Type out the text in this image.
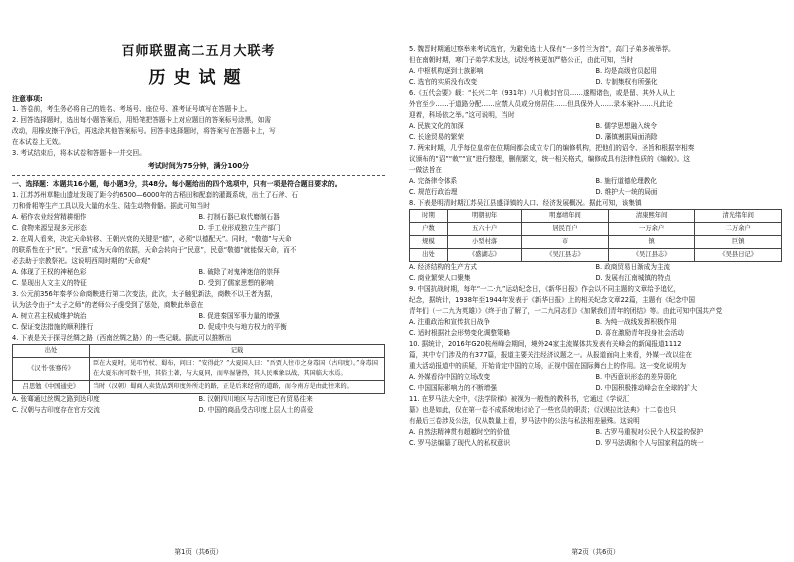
百师联盟高二五月大联考

历史试题

注意事项:

1. 答卷前，考生务必将自己的姓名、考场号、座位号、准考证号填写在答题卡上。

2. 回答选择题时，选出每小题答案后，用铅笔把答题卡上对应题目的答案标号涂黑，如需

改动，用橡皮擦干净后，再选涂其他答案标号。回答非选择题时，将答案写在答题卡上，写

在本试卷上无效。

3. 考试结束后，将本试卷和答题卡一并交回。

考试时间为75分钟，满分100分

一、选择题：本题共16小题，每小题3分，共48分。每小题给出的四个选项中，只有一项是符合题目要求的。

1. 江苏苏州草鞋山遗址发现了距今约6500—6000年的古稻田和配套的灌溉系统，出土了石斧、石

刀和骨耜等生产工具以及大量的水生、陆生动物骨骼。据此可知当时

A. 稻作农业经营精耕细作	B. 打制石器已取代磨制石器
C. 食物来源呈现多元形态	D. 手工业形成独立生产部门

2. 在周人看来，决定天命转移、王朝兴衰的关键是“德”，必须“以德配天”。同时，“敬德”与天命

的联系性在于“民”。“民意”成为天命的依据，天命会转向于“民意”，民意“敬德”就能保天命，而不

必去助于宗教祭祀。这说明西周时期的“天命观”

A. 体现了王权的神秘色彩	B. 破除了对鬼神迷信的崇拜
C. 显现出人文主义的特征	D. 受到了儒家思想的影响

3. 公元前356年秦孝公命商鞅进行第二次变法，此次，太子触犯新法，商鞅不以王者为据，

认为法令由于“太子之师”的老师公子虔受到了惩处，商鞅此举意在

A. 树立君主权威维护统治	B. 促进秦国军事力量的增强
C. 保证变法措施的顺利推行	D. 促成中央与地方权力的平衡

4. 下表是关于探寻丝绸之路（西南丝绸之路）的一些记载。据此可以推断出

出处	记载
《汉书·张骞传》	臣在大夏时，见邛竹杖、蜀布，问曰：“安得此？”大夏国人曰：“吾贾人往市之身毒国（古印度）。”身毒国在大夏东南可数千里，其俗土著，与大夏同，而卑湿暑热，其人民乘象以战，其国临大水焉。
吕思勉《中国通史》	当时（汉朝）蜀商人卖货品到印度外所走的路，正是后来经营的道路，而今南方是由此往来的。
A. 张骞通过丝绸之路到达印度	B. 汉朝四川地区与古印度已有贸易往来
C. 汉朝与古印度存在官方交流	D. 中国的商品受古印度上层人士的喜爱
第1页（共6页）

5. 魏晋时期通过察举来考试选官，为避免选士人保有“一多竹兰为首”，高门子弟多被举荐。

但在南朝时期，寒门子弟学术发达，试经考核更加严格公正，由此可知，当时

A. 中枢机构逐到士族影响	B. 均是高级官员起用
C. 选官的实质没有改变	D. 专制集权有所强化

6.《五代会要》载：“长兴二年（931年）八月敕封官员……遂赐诸色，或是留、其外人从上

外官至少……于道路分配……应禁人员或分房居住……但具保外人……录本案补……凡此论

迎着，科场依之举。”这可说明，当时

A. 民族文化的加深	B. 儒学思想融入统令
C. 长途贸易的繁荣	D. 藩镇割据局面消除

7. 两宋时期，几乎每位皇帝在位期间都会成立专门的编修机构，把他们的诏令、圣旨和根据宰相奏

议颁布的“诏”“敕”“宣”进行整理，删削繁文，统一相关格式，编修成具有法律性质的《编敕》。这

一做法旨在

A. 完备律令体系	B. 施行道德伦理教化
C. 规范行政治理	D. 维护大一统的局面

8. 下表是明清时期江苏吴江县盛泽镇的人口、经济发展概况。据此可知，该集镇

时期	明朝初年	明嘉靖年间	清康熙年间	清光绪年间
户数	五六十户	居民百户	一万余户	二万余户
规模	小型村落	市	镇	巨镇
出处	《盛湖志》	《吴江县志》	《吴江县志》	《吴县日记》
A. 经济结构的生产方式	B. 政商贸易日渐成为主流
C. 商业繁荣人口聚集	D. 发展有江南城镇的特点

9. 中国抗战时期，每年“一二·九”运动纪念日，《新华日报》作会以不同主题的文章给予追忆，

纪念，据统计，1938年至1944年发表于《新华日报》上的相关纪念文章22篇，主题有《纪念中国

青年们（一二九为英雄）》《终于由了解了，一二九同志们》《加紧我们青年的团结》等。由此可知中国共产党

A. 注重政治和宣传抗日战争	B. 为纯一战线发挥积极作用
C. 适时根据社会形势变化调整策略	D. 喜在激励青年投身社会活动

10. 据统计，2016年G20杭州峰会期间，境外24家主流媒体共发表有关峰会的新闻报道1112

篇，其中专门涉及的有377篇，报道主要关注经济议题之一。从报道面向上来看，外媒一改以往在

重大活动报道中的质疑，开始肯定中国的立场，正视中国在国际舞台上的作用。这一变化说明为

A. 外媒看待中国的立场改变	B. 中西意识形态的差异弱化
C. 中国国际影响力的不断增强	D. 中国积极推动峰会在全球的扩大

11. 在罗马法大全中，《法学阶梯》被视为一般性的教科书，它通过《学说汇

纂》也是如此，仅在第一卷不成系统地讨论了一些官员的职责；《汉谟拉比法典》十二卷也只

有最后三卷涉及公法，仅从数量上看，罗马法中的公法与私法相差悬殊。这说明

A. 自然法精神贯有超越时空的价值	B. 古罗马重视对公民个人权益的保护
C. 罗马法编纂了现代人的私权意识	D. 罗马法调和个人与国家利益的统一
第2页（共6页）
